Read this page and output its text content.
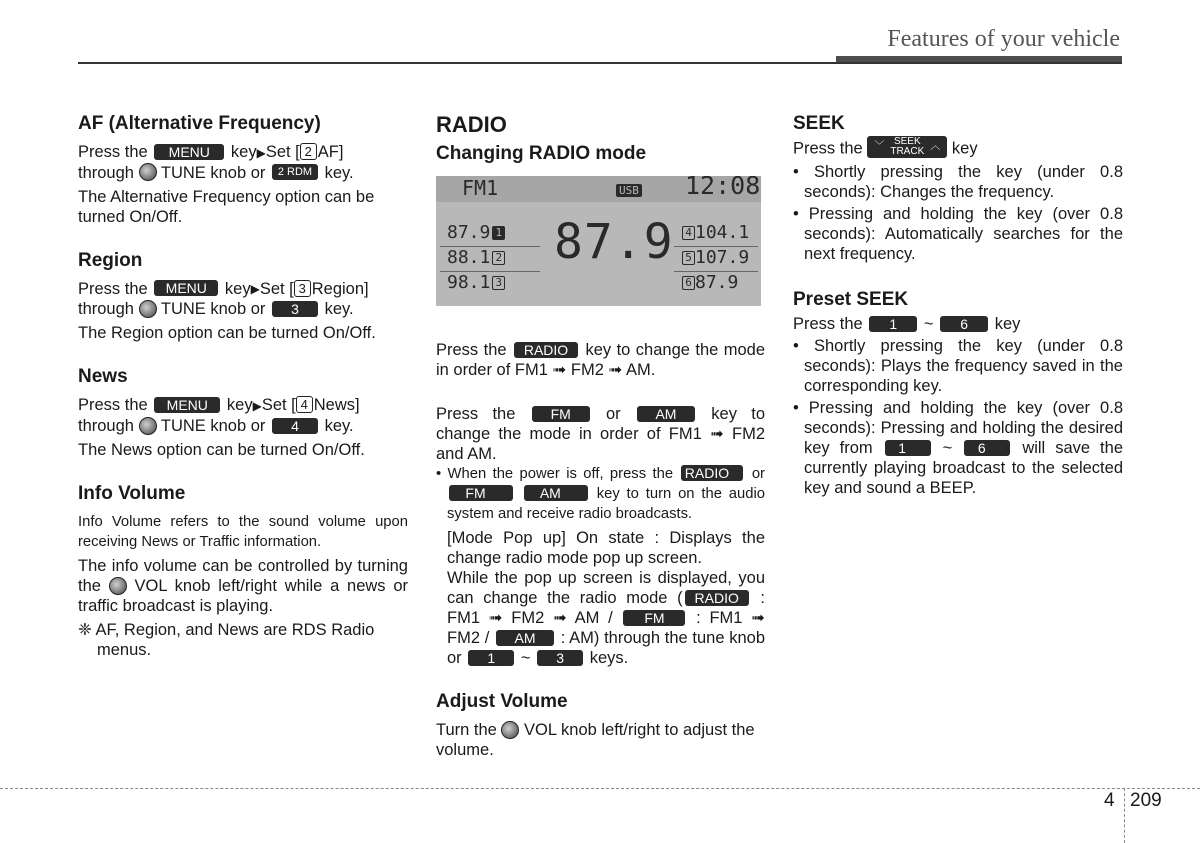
Features of your vehicle
AF (Alternative Frequency)

Press the MENU key▶Set [ 2 AF]
through TUNE knob or 2 RDM key.

The Alternative Frequency option can be turned On/Off.

Region

Press the MENU key▶Set [ 3 Region]
through TUNE knob or 3 key.

The Region option can be turned On/Off.

News

Press the MENU key▶Set [ 4 News]
through TUNE knob or 4 key.

The News option can be turned On/Off.

Info Volume

Info Volume refers to the sound volume upon receiving News or Traffic information.

The info volume can be controlled by turning the VOL knob left/right while a news or traffic broadcast is playing.

❈ AF, Region, and News are RDS Radio menus.

RADIO
Changing RADIO mode
FM1	USB 12:08
87.9 1
88.1 2
98.1 3
4 104.1
5 107.9
6 87.9
87.9

Press the RADIO key to change the mode in order of FM1 ➟ FM2 ➟ AM.

Press the	FM or AM key to change the mode in order of FM1 ➟ FM2 and AM.

• When the power is off, press the RADIO or FM	AM key to turn on the audio system and receive radio broadcasts.

[Mode Pop up] On state : Displays the change radio mode pop up screen.

While the pop up screen is displayed, you can change the radio mode ( RADIO : FM1 ➟ FM2 ➟ AM / FM : FM1 ➟ FM2 / AM : AM) through the tune knob or 1 ~ 3 keys.

Adjust Volume

Turn the VOL knob left/right to adjust the volume.

SEEK

Press the ﹀ SEEK
TRACK ︿ key

• Shortly pressing the key (under 0.8 seconds): Changes the frequency.

• Pressing and holding the key (over 0.8 seconds): Automatically searches for the next frequency.

Preset SEEK

Press the 1 ~ 6 key

• Shortly pressing the key (under 0.8 seconds): Plays the frequency saved in the corresponding key.

• Pressing and holding the key (over 0.8 seconds): Pressing and holding the desired key from 1 ~ 6 will save the currently playing broadcast to the selected key and sound a BEEP.

4 209
